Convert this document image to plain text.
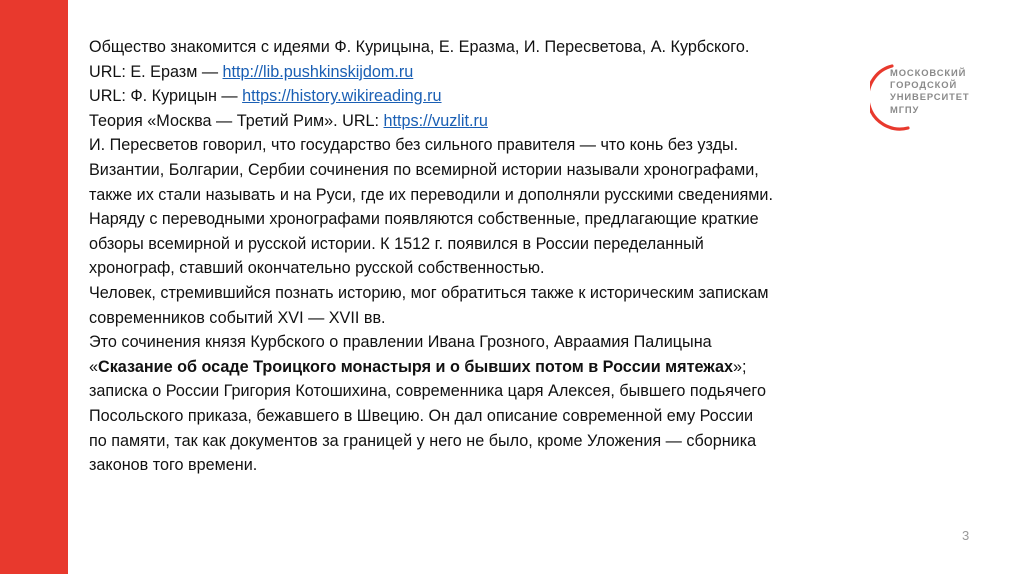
МОСКОВСКИЙ
ГОРОДСКОЙ
УНИВЕРСИТЕТ
МГПУ
Общество знакомится с идеями Ф. Курицына, Е. Еразма, И. Пересветова, А. Курбского.
URL: Е. Еразм — http://lib.pushkinskijdom.ru
URL: Ф. Курицын — https://history.wikireading.ru
Теория «Москва — Третий Рим». URL: https://vuzlit.ru
И. Пересветов говорил, что государство без сильного правителя — что конь без узды.
Византии, Болгарии, Сербии сочинения по всемирной истории называли хронографами,
также их стали называть и на Руси, где их переводили и дополняли русскими сведениями.
Наряду с переводными хронографами появляются собственные, предлагающие краткие
обзоры всемирной и русской истории. К 1512 г. появился в России переделанный
хронограф, ставший окончательно русской собственностью.
Человек, стремившийся познать историю, мог обратиться также к историческим запискам
современников событий XVI — XVII вв.
Это сочинения князя Курбского о правлении Ивана Грозного, Авраамия Палицына
«Сказание об осаде Троицкого монастыря и о бывших потом в России мятежах»;
записка о России Григория Котошихина, современника царя Алексея, бывшего подьячего
Посольского приказа, бежавшего в Швецию. Он дал описание современной ему России
по памяти, так как документов за границей у него не было, кроме Уложения — сборника
законов того времени.
3
